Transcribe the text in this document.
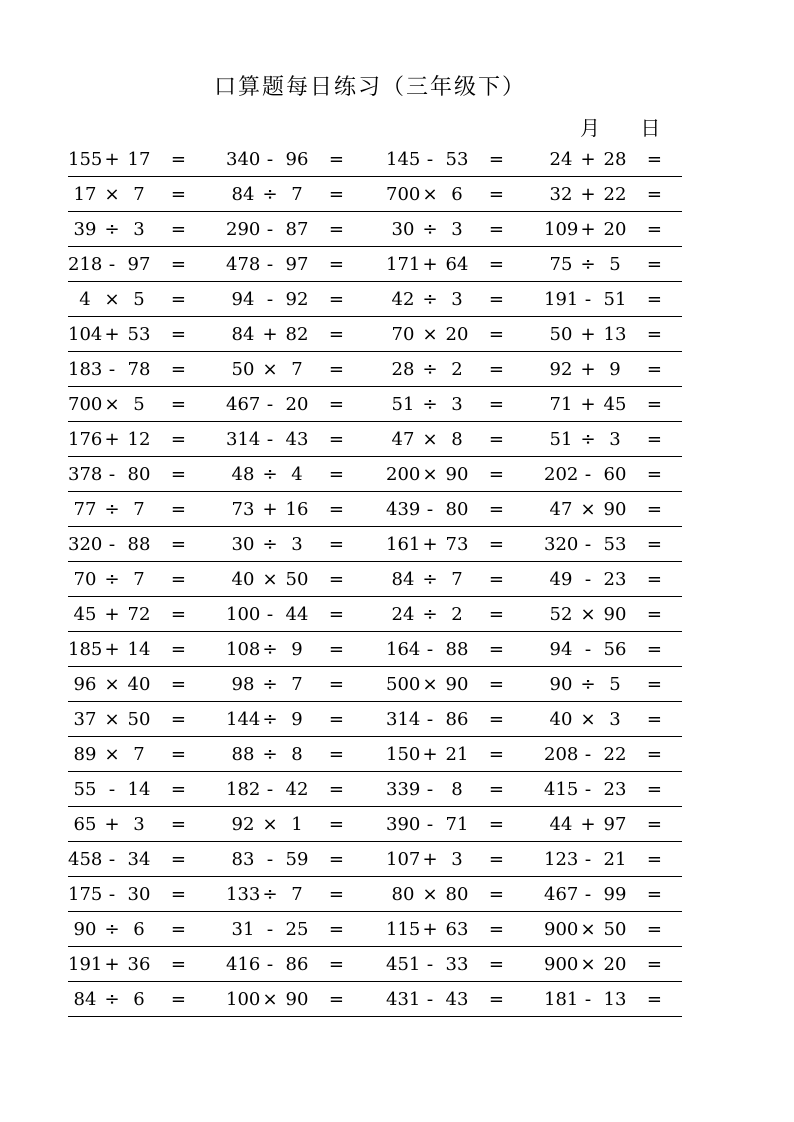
口算题每日练习（三年级下）
月 日
155 + 17 = 340 - 96 = 145 - 53 =	24 + 28 =
17 × 7 =	84 ÷ 7 = 700 × 6 =	32 + 22 =
39 ÷ 3 = 290 - 87 =	30 ÷ 3 = 109 + 20 =
218 - 97 = 478 - 97 = 171 + 64 =	75 ÷ 5 =
4 × 5 =	94 - 92 =	42 ÷ 3 = 191 - 51 =
104 + 53 =	84 + 82 =	70 × 20 =	50 + 13 =
183 - 78 =	50 × 7 =	28 ÷ 2 =	92 + 9 =
700 × 5 = 467 - 20 =	51 ÷ 3 =	71 + 45 =
176 + 12 = 314 - 43 =	47 × 8 =	51 ÷ 3 =
378 - 80 =	48 ÷ 4 = 200 × 90 = 202 - 60 =
77 ÷ 7 =	73 + 16 = 439 - 80 =	47 × 90 =
320 - 88 =	30 ÷ 3 = 161 + 73 = 320 - 53 =
70 ÷ 7 =	40 × 50 =	84 ÷ 7 =	49 - 23 =
45 + 72 = 100 - 44 =	24 ÷ 2 =	52 × 90 =
185 + 14 = 108 ÷ 9 = 164 - 88 =	94 - 56 =
96 × 40 =	98 ÷ 7 = 500 × 90 =	90 ÷ 5 =
37 × 50 = 144 ÷ 9 = 314 - 86 =	40 × 3 =
89 × 7 =	88 ÷ 8 = 150 + 21 = 208 - 22 =
55 - 14 = 182 - 42 = 339 - 8 = 415 - 23 =
65 + 3 =	92 × 1 = 390 - 71 =	44 + 97 =
458 - 34 =	83 - 59 = 107 + 3 = 123 - 21 =
175 - 30 = 133 ÷ 7 =	80 × 80 = 467 - 99 =
90 ÷ 6 =	31 - 25 = 115 + 63 = 900 × 50 =
191 + 36 = 416 - 86 = 451 - 33 = 900 × 20 =
84 ÷ 6 = 100 × 90 = 431 - 43 = 181 - 13 =
